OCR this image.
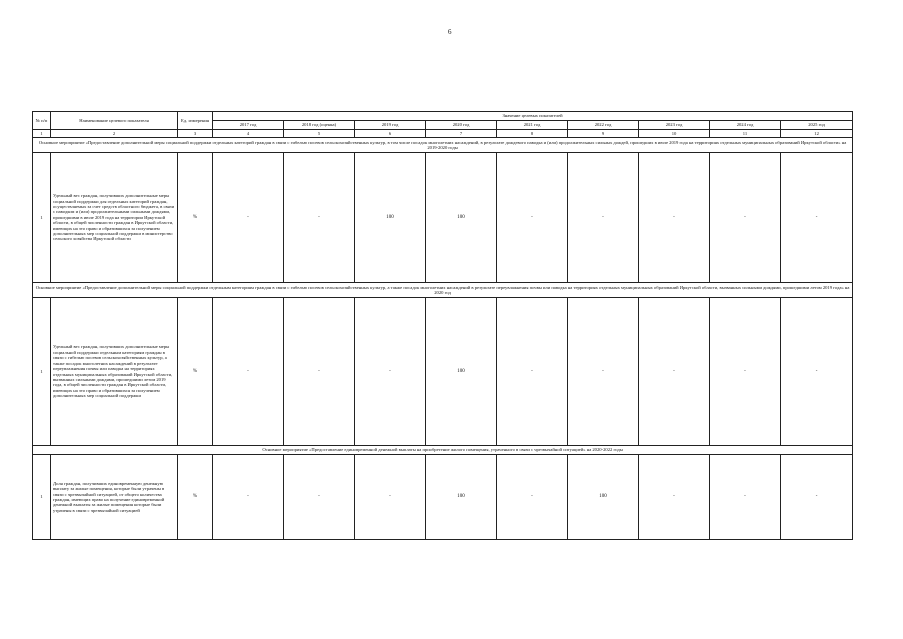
6
№ п/п	Наименование целевого показателя	Ед. измерения	Значение целевых показателей								
			2017 год	2018 год (оценка)	2019 год	2020 год	2021 год	2022 год	2023 год	2024 год	2025 год
1	2	3	4	5	6	7	8	9	10	11	12
Основное мероприятие «Предоставление дополнительной меры социальной поддержки отдельных категорий граждан в связи с гибелью посевов сельскохозяйственных культур, в том числе посадок многолетних насаждений, в результате дождевого паводка и (или) продолжительных сильных дождей, прошедших в июле 2019 года на территориях отдельных муниципальных образований Иркутской области» на 2019-2020 годы											
1	Удельный вес граждан, получивших дополнительные меры социальной поддержки для отдельных категорий граждан, осуществляемых за счет средств областного бюджета, в связи с паводком и (или) продолжительными сильными дождями, прошедшими в июле 2019 года на территории Иркутской области, в общей численности граждан в Иркутской области, имеющих на это право и обратившихся за получением дополнительных мер социальной поддержки в министерство сельского хозяйства Иркутской области	%	-	-	100	100	-	-	-	-	-
Основное мероприятие «Предоставление дополнительной меры социальной поддержки отдельным категориям граждан в связи с гибелью посевов сельскохозяйственных культур, а также посадок многолетних насаждений в результате переувлажнения почвы или паводка на территориях отдельных муниципальных образований Иркутской области, вызванных сильными дождями, прошедшими летом 2019 года» на 2020 год											
1	Удельный вес граждан, получивших дополнительные меры социальной поддержки отдельным категориям граждан в связи с гибелью посевов сельскохозяйственных культур, а также посадок многолетних насаждений в результате переувлажнения почвы или паводка на территориях отдельных муниципальных образований Иркутской области, вызванных сильными дождями, прошедшими летом 2019 года, в общей численности граждан в Иркутской области, имеющих на это право и обратившихся за получением дополнительных мер социальной поддержки	%	-	-	-	100	-	-	-	-	-
Основное мероприятие «Предоставление единовременной денежной выплаты на приобретение жилого помещения, утраченного в связи с чрезвычайной ситуацией» на 2020-2022 годы											
1	Доля граждан, получивших единовременную денежную выплату за жилые помещения, которые были утрачены в связи с чрезвычайной ситуацией, от общего количества граждан, имеющих право на получение единовременной денежной выплаты за жилые помещения которые были утрачены в связи с чрезвычайной ситуацией	%	-	-	-	100	-	100	-	-	-
